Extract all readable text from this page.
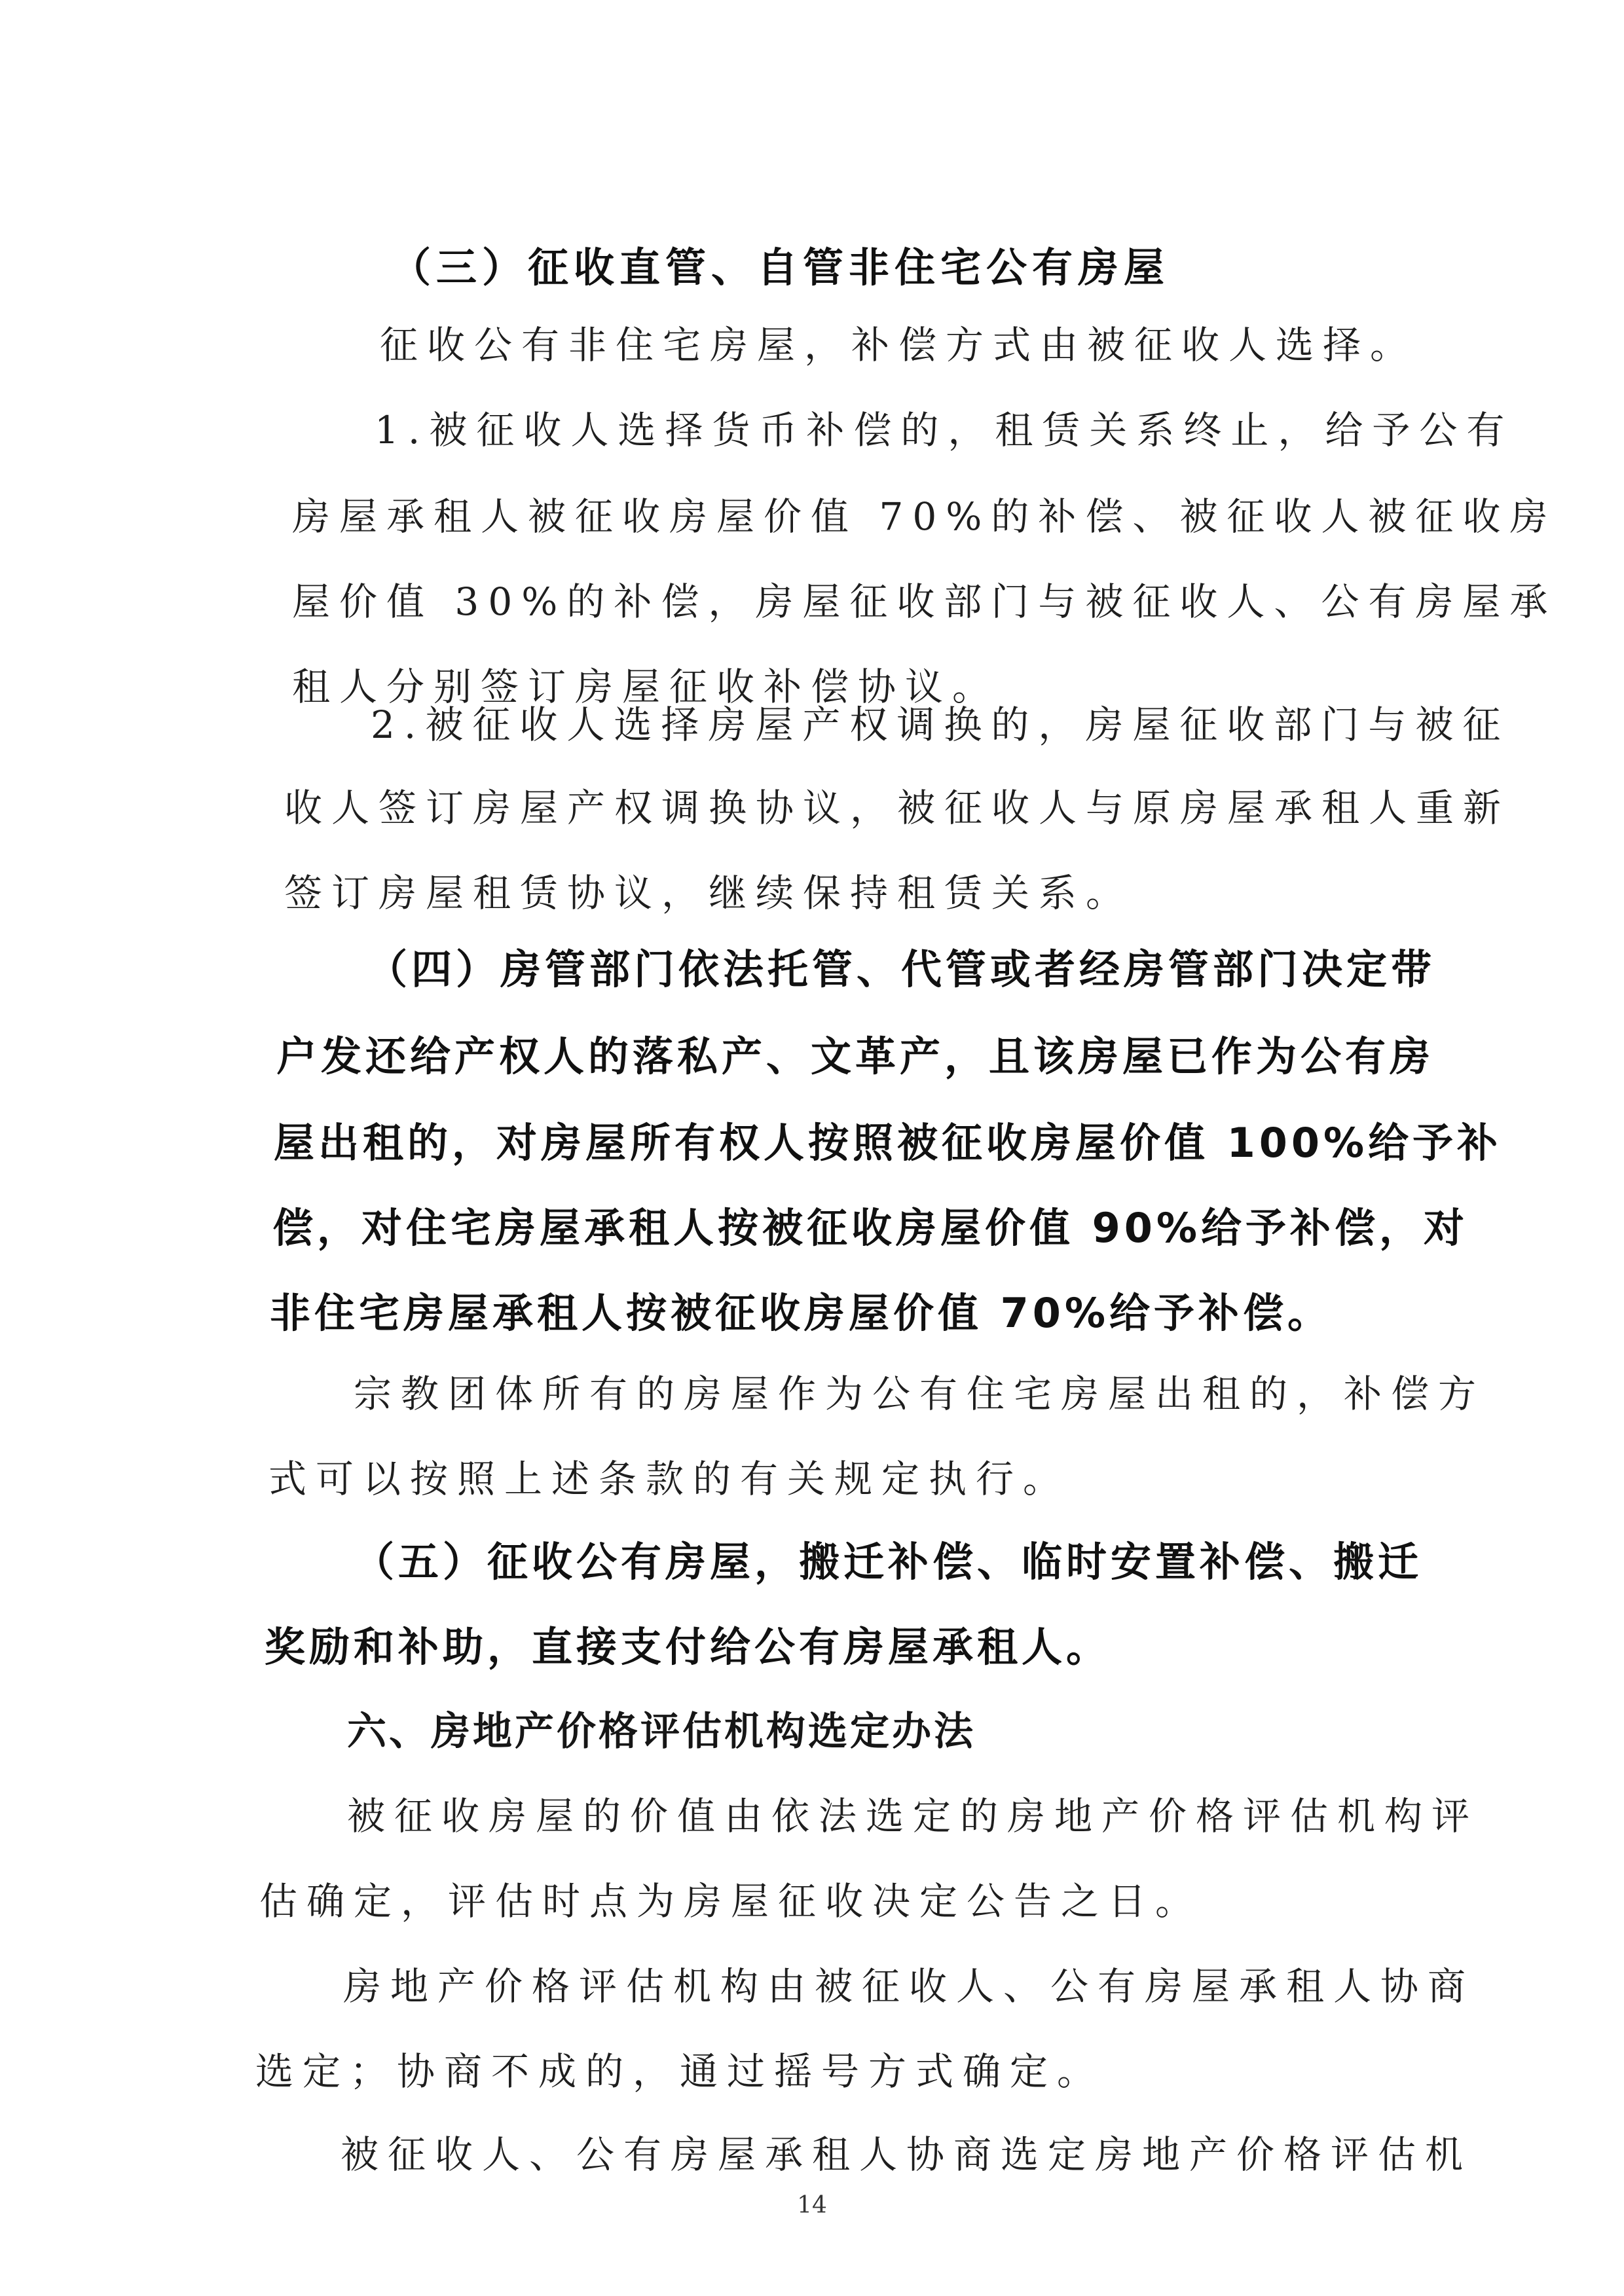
（三）征收直管、自管非住宅公有房屋
征收公有非住宅房屋，补偿方式由被征收人选择。
1.被征收人选择货币补偿的，租赁关系终止，给予公有
房屋承租人被征收房屋价值 70%的补偿、被征收人被征收房
屋价值 30%的补偿，房屋征收部门与被征收人、公有房屋承
租人分别签订房屋征收补偿协议。
2.被征收人选择房屋产权调换的，房屋征收部门与被征
收人签订房屋产权调换协议，被征收人与原房屋承租人重新
签订房屋租赁协议，继续保持租赁关系。
（四）房管部门依法托管、代管或者经房管部门决定带
户发还给产权人的落私产、文革产，且该房屋已作为公有房
屋出租的，对房屋所有权人按照被征收房屋价值 100%给予补
偿，对住宅房屋承租人按被征收房屋价值 90%给予补偿，对
非住宅房屋承租人按被征收房屋价值 70%给予补偿。
宗教团体所有的房屋作为公有住宅房屋出租的，补偿方
式可以按照上述条款的有关规定执行。
（五）征收公有房屋，搬迁补偿、临时安置补偿、搬迁
奖励和补助，直接支付给公有房屋承租人。
六、房地产价格评估机构选定办法
被征收房屋的价值由依法选定的房地产价格评估机构评
估确定，评估时点为房屋征收决定公告之日。
房地产价格评估机构由被征收人、公有房屋承租人协商
选定；协商不成的，通过摇号方式确定。
被征收人、公有房屋承租人协商选定房地产价格评估机
14
